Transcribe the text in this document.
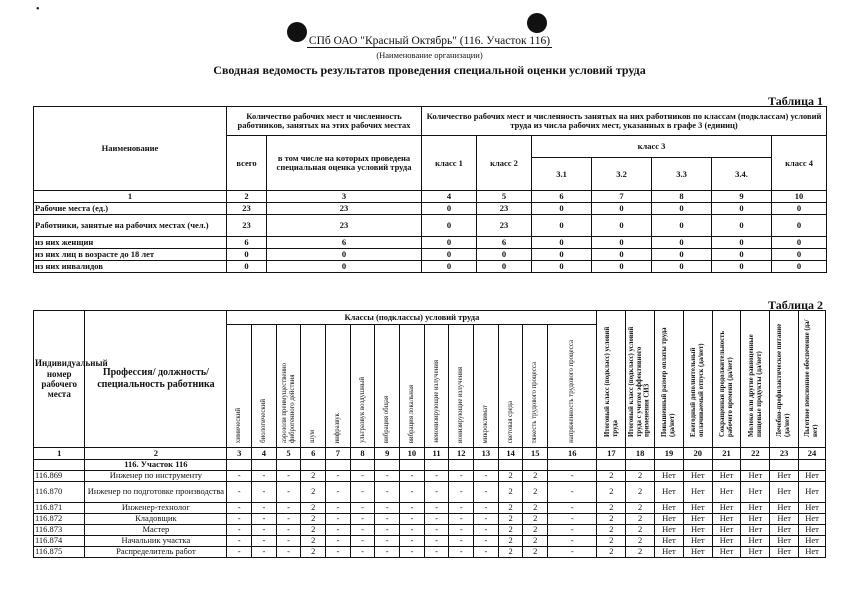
•
СПб ОАО "Красный Октябрь" (116. Участок 116)
(Наименование организации)
Сводная ведомость результатов проведения специальной оценки условий труда
Таблица 1
Наименование	Количество рабочих мест и численность работников, занятых на этих рабочих местах		Количество рабочих мест и численность занятых на них работников по классам (подклассам) условий труда из числа рабочих мест, указанных в графе 3 (единиц)						
	всего	в том числе на которых проведена специальная оценка условий труда	класс 1	класс 2	класс 3				класс 4
					3.1	3.2	3.3	3.4.	
1	2	3	4	5	6	7	8	9	10
Рабочие места (ед.)	23	23	0	23	0	0	0	0	0
Работники, занятые на рабочих местах (чел.)	23	23	0	23	0	0	0	0	0
из них женщин	6	6	0	6	0	0	0	0	0
из них лиц в возрасте до 18 лет	0	0	0	0	0	0	0	0	0
из них инвалидов	0	0	0	0	0	0	0	0	0
Таблица 2
Индивидуальный номер рабочего места	Профессия/ должность/ специальность работника	Классы (подклассы) условий труда														Итоговый класс (подкласс) условий труда	Итоговый класс (подкласс) условий труда с учетом эффективного применения СИЗ	Повышенный размер оплаты труда (да/нет)	Ежегодный дополнительный оплачиваемый отпуск (да/нет)	Сокращенная продолжительность рабочего времени (да/нет)	Молоко или другие равноценные пищевые продукты (да/нет)	Лечебно-профилактическое питание (да/нет)	Льготное пенсионное обеспечение (да/нет)
		химический	биологический	аэрозоли преимущественно фиброгенного действия	шум	инфразвук	ультразвук воздушный	вибрация общая	вибрация локальная	неионизирующие излучения	ионизирующие излучения	микроклимат	световая среда	тяжесть трудового процесса	напряженность трудового процесса								
1	2	3	4	5	6	7	8	9	10	11	12	13	14	15	16	17	18	19	20	21	22	23	24
	116. Участок 116																						
116.869	Инженер по инструменту	-	-	-	2	-	-	-	-	-	-	-	2	2	-	2	2	Нет	Нет	Нет	Нет	Нет	Нет
116.870	Инженер по подготовке производства	-	-	-	2	-	-	-	-	-	-	-	2	2	-	2	2	Нет	Нет	Нет	Нет	Нет	Нет
116.871	Инженер-технолог	-	-	-	2	-	-	-	-	-	-	-	2	2	-	2	2	Нет	Нет	Нет	Нет	Нет	Нет
116.872	Кладовщик	-	-	-	2	-	-	-	-	-	-	-	2	2	-	2	2	Нет	Нет	Нет	Нет	Нет	Нет
116.873	Мастер	-	-	-	2	-	-	-	-	-	-	-	2	2	-	2	2	Нет	Нет	Нет	Нет	Нет	Нет
116.874	Начальник участка	-	-	-	2	-	-	-	-	-	-	-	2	2	-	2	2	Нет	Нет	Нет	Нет	Нет	Нет
116.875	Распределитель работ	-	-	-	2	-	-	-	-	-	-	-	2	2	-	2	2	Нет	Нет	Нет	Нет	Нет	Нет
